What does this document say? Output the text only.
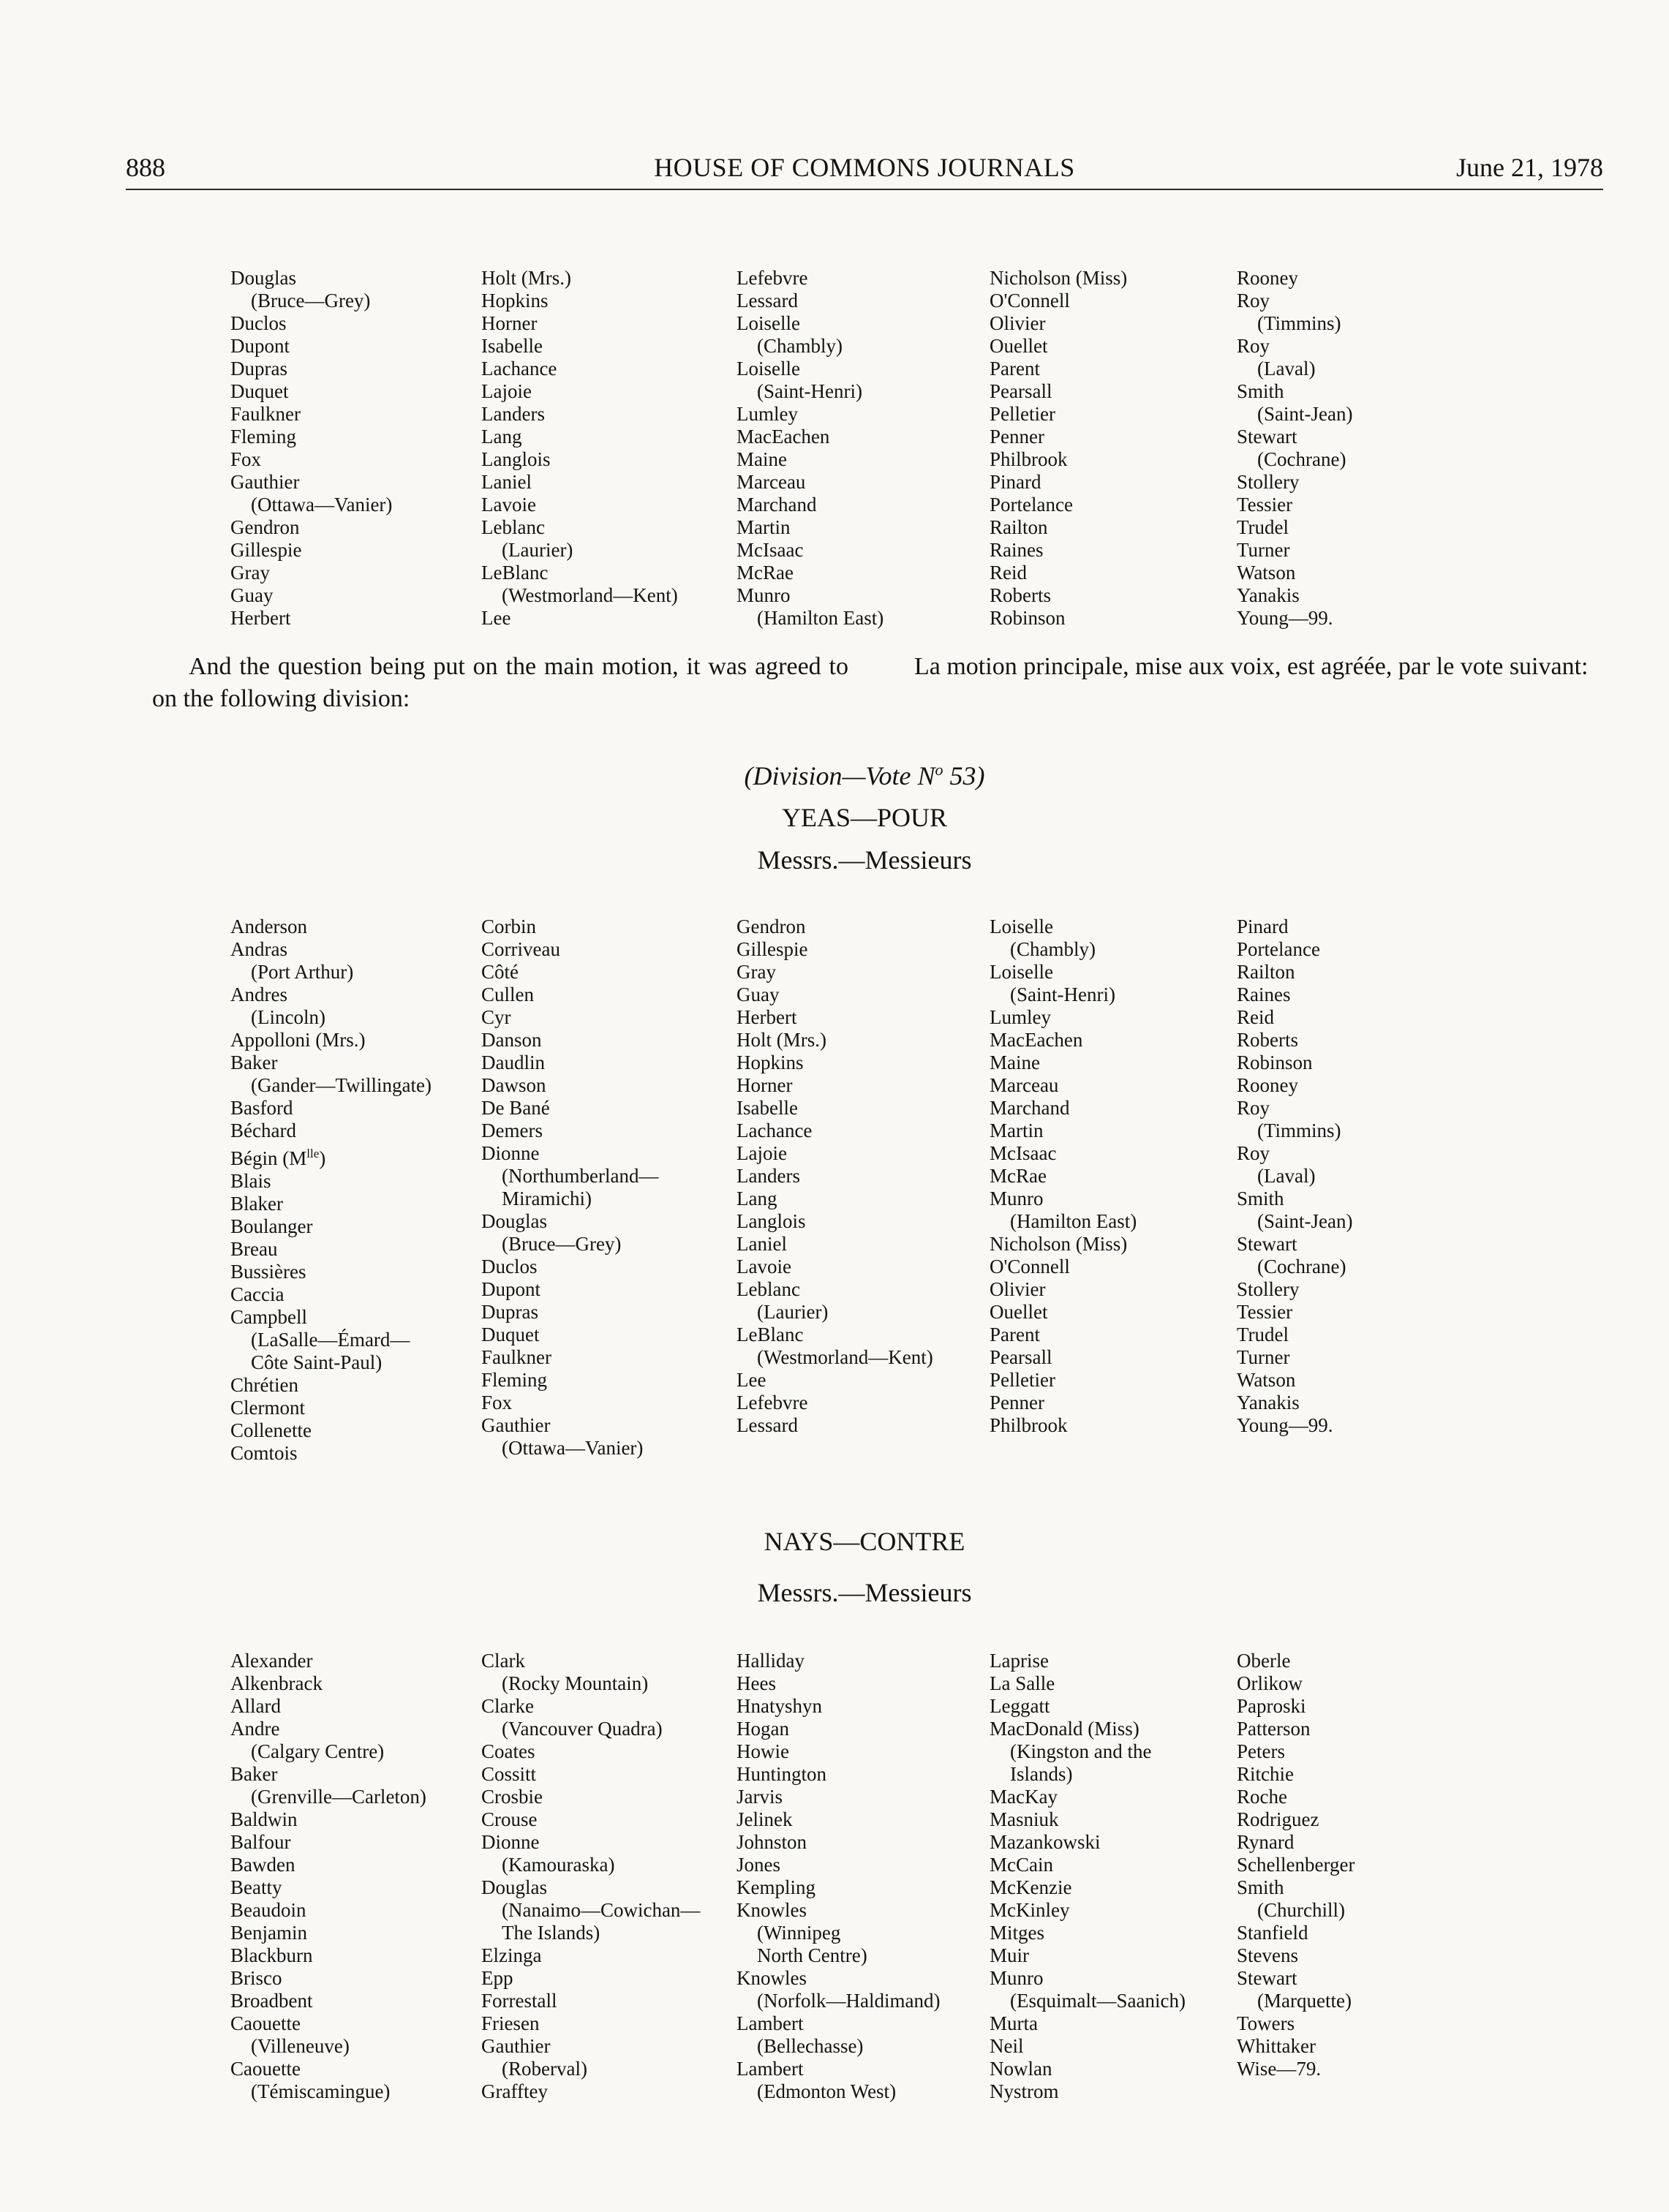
888	HOUSE OF COMMONS JOURNALS	June 21, 1978
Douglas
(Bruce—Grey)
Duclos
Dupont
Dupras
Duquet
Faulkner
Fleming
Fox
Gauthier
(Ottawa—Vanier)
Gendron
Gillespie
Gray
Guay
Herbert
Holt (Mrs.)
Hopkins
Horner
Isabelle
Lachance
Lajoie
Landers
Lang
Langlois
Laniel
Lavoie
Leblanc
(Laurier)
LeBlanc
(Westmorland—Kent)
Lee
Lefebvre
Lessard
Loiselle
(Chambly)
Loiselle
(Saint-Henri)
Lumley
MacEachen
Maine
Marceau
Marchand
Martin
McIsaac
McRae
Munro
(Hamilton East)
Nicholson (Miss)
O'Connell
Olivier
Ouellet
Parent
Pearsall
Pelletier
Penner
Philbrook
Pinard
Portelance
Railton
Raines
Reid
Roberts
Robinson
Rooney
Roy
(Timmins)
Roy
(Laval)
Smith
(Saint-Jean)
Stewart
(Cochrane)
Stollery
Tessier
Trudel
Turner
Watson
Yanakis
Young—99.
And the question being put on the main motion, it was agreed to on the following division:
La motion principale, mise aux voix, est agréée, par le vote suivant:
(Division—Vote $N^o$ 53)
YEAS—POUR
Messrs.—Messieurs
Anderson
Andras
(Port Arthur)
Andres
(Lincoln)
Appolloni (Mrs.)
Baker
(Gander—Twillingate)
Basford
Béchard
Bégin $(M^{lle})$
Blais
Blaker
Boulanger
Breau
Bussières
Caccia
Campbell
(LaSalle—Émard—
Côte Saint-Paul)
Chrétien
Clermont
Collenette
Comtois
Corbin
Corriveau
Côté
Cullen
Cyr
Danson
Daudlin
Dawson
De Bané
Demers
Dionne
(Northumberland—
Miramichi)
Douglas
(Bruce—Grey)
Duclos
Dupont
Dupras
Duquet
Faulkner
Fleming
Fox
Gauthier
(Ottawa—Vanier)
Gendron
Gillespie
Gray
Guay
Herbert
Holt (Mrs.)
Hopkins
Horner
Isabelle
Lachance
Lajoie
Landers
Lang
Langlois
Laniel
Lavoie
Leblanc
(Laurier)
LeBlanc
(Westmorland—Kent)
Lee
Lefebvre
Lessard
Loiselle
(Chambly)
Loiselle
(Saint-Henri)
Lumley
MacEachen
Maine
Marceau
Marchand
Martin
McIsaac
McRae
Munro
(Hamilton East)
Nicholson (Miss)
O'Connell
Olivier
Ouellet
Parent
Pearsall
Pelletier
Penner
Philbrook
Pinard
Portelance
Railton
Raines
Reid
Roberts
Robinson
Rooney
Roy
(Timmins)
Roy
(Laval)
Smith
(Saint-Jean)
Stewart
(Cochrane)
Stollery
Tessier
Trudel
Turner
Watson
Yanakis
Young—99.
NAYS—CONTRE
Messrs.—Messieurs
Alexander
Alkenbrack
Allard
Andre
(Calgary Centre)
Baker
(Grenville—Carleton)
Baldwin
Balfour
Bawden
Beatty
Beaudoin
Benjamin
Blackburn
Brisco
Broadbent
Caouette
(Villeneuve)
Caouette
(Témiscamingue)
Clark
(Rocky Mountain)
Clarke
(Vancouver Quadra)
Coates
Cossitt
Crosbie
Crouse
Dionne
(Kamouraska)
Douglas
(Nanaimo—Cowichan—
The Islands)
Elzinga
Epp
Forrestall
Friesen
Gauthier
(Roberval)
Grafftey
Halliday
Hees
Hnatyshyn
Hogan
Howie
Huntington
Jarvis
Jelinek
Johnston
Jones
Kempling
Knowles
(Winnipeg
North Centre)
Knowles
(Norfolk—Haldimand)
Lambert
(Bellechasse)
Lambert
(Edmonton West)
Laprise
La Salle
Leggatt
MacDonald (Miss)
(Kingston and the
Islands)
MacKay
Masniuk
Mazankowski
McCain
McKenzie
McKinley
Mitges
Muir
Munro
(Esquimalt—Saanich)
Murta
Neil
Nowlan
Nystrom
Oberle
Orlikow
Paproski
Patterson
Peters
Ritchie
Roche
Rodriguez
Rynard
Schellenberger
Smith
(Churchill)
Stanfield
Stevens
Stewart
(Marquette)
Towers
Whittaker
Wise—79.
